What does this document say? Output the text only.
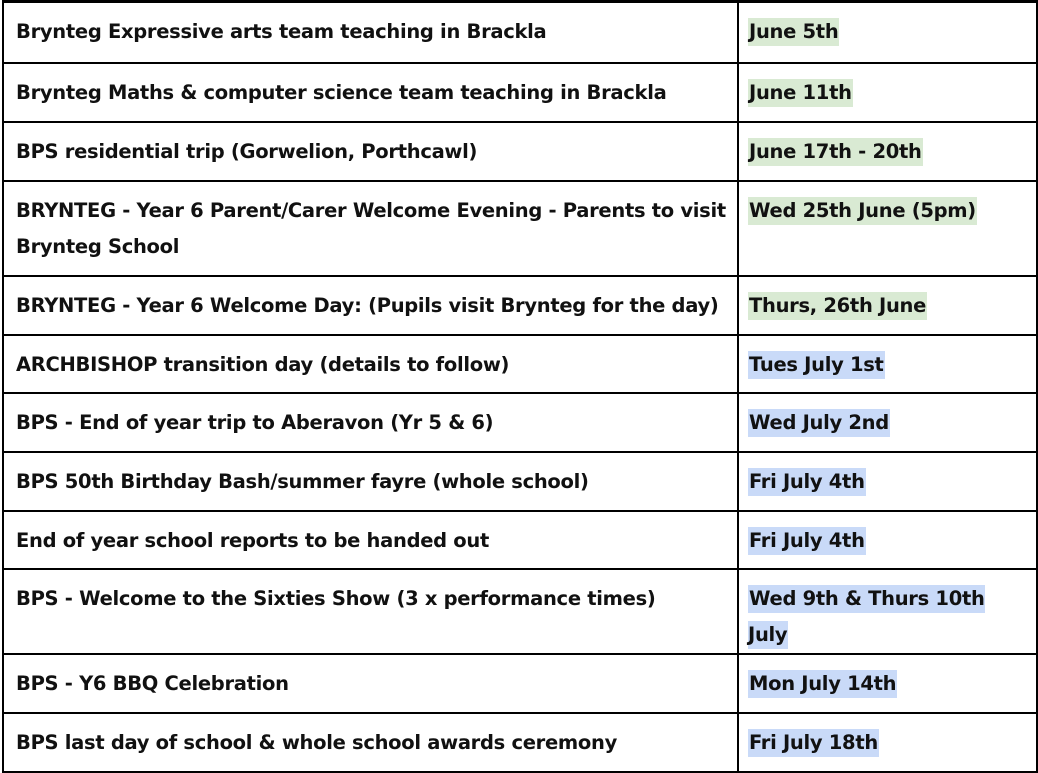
Brynteg Expressive arts team teaching in Brackla	June 5th
Brynteg Maths & computer science team teaching in Brackla	June 11th
BPS residential trip (Gorwelion, Porthcawl)	June 17th - 20th
BRYNTEG - Year 6 Parent/Carer Welcome Evening - Parents to visit Brynteg School	Wed 25th June (5pm)
BRYNTEG - Year 6 Welcome Day: (Pupils visit Brynteg for the day)	Thurs, 26th June
ARCHBISHOP transition day (details to follow)	Tues July 1st
BPS - End of year trip to Aberavon (Yr 5 & 6)	Wed July 2nd
BPS 50th Birthday Bash/summer fayre (whole school)	Fri July 4th
End of year school reports to be handed out	Fri July 4th
BPS - Welcome to the Sixties Show (3 x performance times)	Wed 9th & Thurs 10th July
BPS - Y6 BBQ Celebration	Mon July 14th
BPS last day of school & whole school awards ceremony	Fri July 18th
